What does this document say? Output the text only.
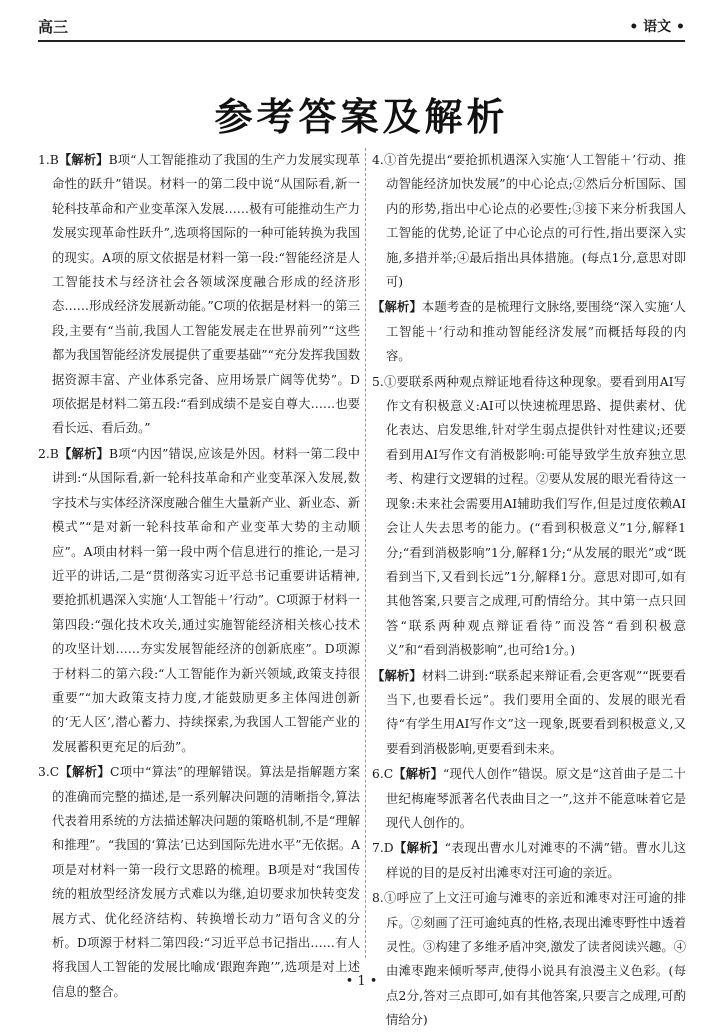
高三	• 语文 •
参考答案及解析

1.B【解析】B项“人工智能推动了我国的生产力发展实现革命性的跃升”错误。材料一的第二段中说“从国际看,新一轮科技革命和产业变革深入发展……极有可能推动生产力发展实现革命性跃升”,选项将国际的一种可能转换为我国的现实。A项的原文依据是材料一第一段:“智能经济是人工智能技术与经济社会各领域深度融合形成的经济形态……形成经济发展新动能。”C项的依据是材料一的第三段,主要有“当前,我国人工智能发展走在世界前列”“这些都为我国智能经济发展提供了重要基础”“充分发挥我国数据资源丰富、产业体系完备、应用场景广阔等优势”。D项依据是材料二第五段:“看到成绩不是妄自尊大……也要看长远、看后劲。”

2.B【解析】B项“内因”错误,应该是外因。材料一第二段中讲到:“从国际看,新一轮科技革命和产业变革深入发展,数字技术与实体经济深度融合催生大量新产业、新业态、新模式”“是对新一轮科技革命和产业变革大势的主动顺应”。A项由材料一第一段中两个信息进行的推论,一是习近平的讲话,二是“贯彻落实习近平总书记重要讲话精神,要抢抓机遇深入实施‘人工智能＋’行动”。C项源于材料一第四段:“强化技术攻关,通过实施智能经济相关核心技术的攻坚计划……夯实发展智能经济的创新底座”。D项源于材料二的第六段:“人工智能作为新兴领域,政策支持很重要”“加大政策支持力度,才能鼓励更多主体闯进创新的‘无人区’,潜心蓄力、持续探索,为我国人工智能产业的发展蓄积更充足的后劲”。

3.C【解析】C项中“算法”的理解错误。算法是指解题方案的准确而完整的描述,是一系列解决问题的清晰指令,算法代表着用系统的方法描述解决问题的策略机制,不是“理解和推理”。“我国的‘算法’已达到国际先进水平”无依据。A项是对材料一第一段行文思路的梳理。B项是对“我国传统的粗放型经济发展方式难以为继,迫切要求加快转变发展方式、优化经济结构、转换增长动力”语句含义的分析。D项源于材料二第四段:“习近平总书记指出……有人将我国人工智能的发展比喻成‘跟跑奔跑’”,选项是对上述信息的整合。

4.①首先提出“要抢抓机遇深入实施‘人工智能＋’行动、推动智能经济加快发展”的中心论点;②然后分析国际、国内的形势,指出中心论点的必要性;③接下来分析我国人工智能的优势,论证了中心论点的可行性,指出要深入实施,多措并举;④最后指出具体措施。(每点1分,意思对即可)

【解析】本题考查的是梳理行文脉络,要围绕“深入实施‘人工智能＋’行动和推动智能经济发展”而概括每段的内容。

5.①要联系两种观点辩证地看待这种现象。要看到用AI写作文有积极意义:AI可以快速梳理思路、提供素材、优化表达、启发思维,针对学生弱点提供针对性建议;还要看到用AI写作文有消极影响:可能导致学生放弃独立思考、构建行文逻辑的过程。②要从发展的眼光看待这一现象:未来社会需要用AI辅助我们写作,但是过度依赖AI会让人失去思考的能力。(“看到积极意义”1分,解释1分;“看到消极影响”1分,解释1分;“从发展的眼光”或“既看到当下,又看到长远”1分,解释1分。意思对即可,如有其他答案,只要言之成理,可酌情给分。其中第一点只回答“联系两种观点辩证看待”而没答“看到积极意义”和“看到消极影响”,也可给1分。)

【解析】材料二讲到:“联系起来辩证看,会更客观”“既要看当下,也要看长远”。我们要用全面的、发展的眼光看待“有学生用AI写作文”这一现象,既要看到积极意义,又要看到消极影响,更要看到未来。

6.C【解析】“现代人创作”错误。原文是“这首曲子是二十世纪梅庵琴派著名代表曲目之一”,这并不能意味着它是现代人创作的。

7.D【解析】“表现出曹水儿对滩枣的不满”错。曹水儿这样说的目的是反衬出滩枣对汪可逾的亲近。

8.①呼应了上文汪可逾与滩枣的亲近和滩枣对汪可逾的排斥。②刻画了汪可逾纯真的性格,表现出滩枣野性中透着灵性。③构建了多维矛盾冲突,激发了读者阅读兴趣。④由滩枣跑来倾听琴声,使得小说具有浪漫主义色彩。(每点2分,答对三点即可,如有其他答案,只要言之成理,可酌情给分)

• 1 •
